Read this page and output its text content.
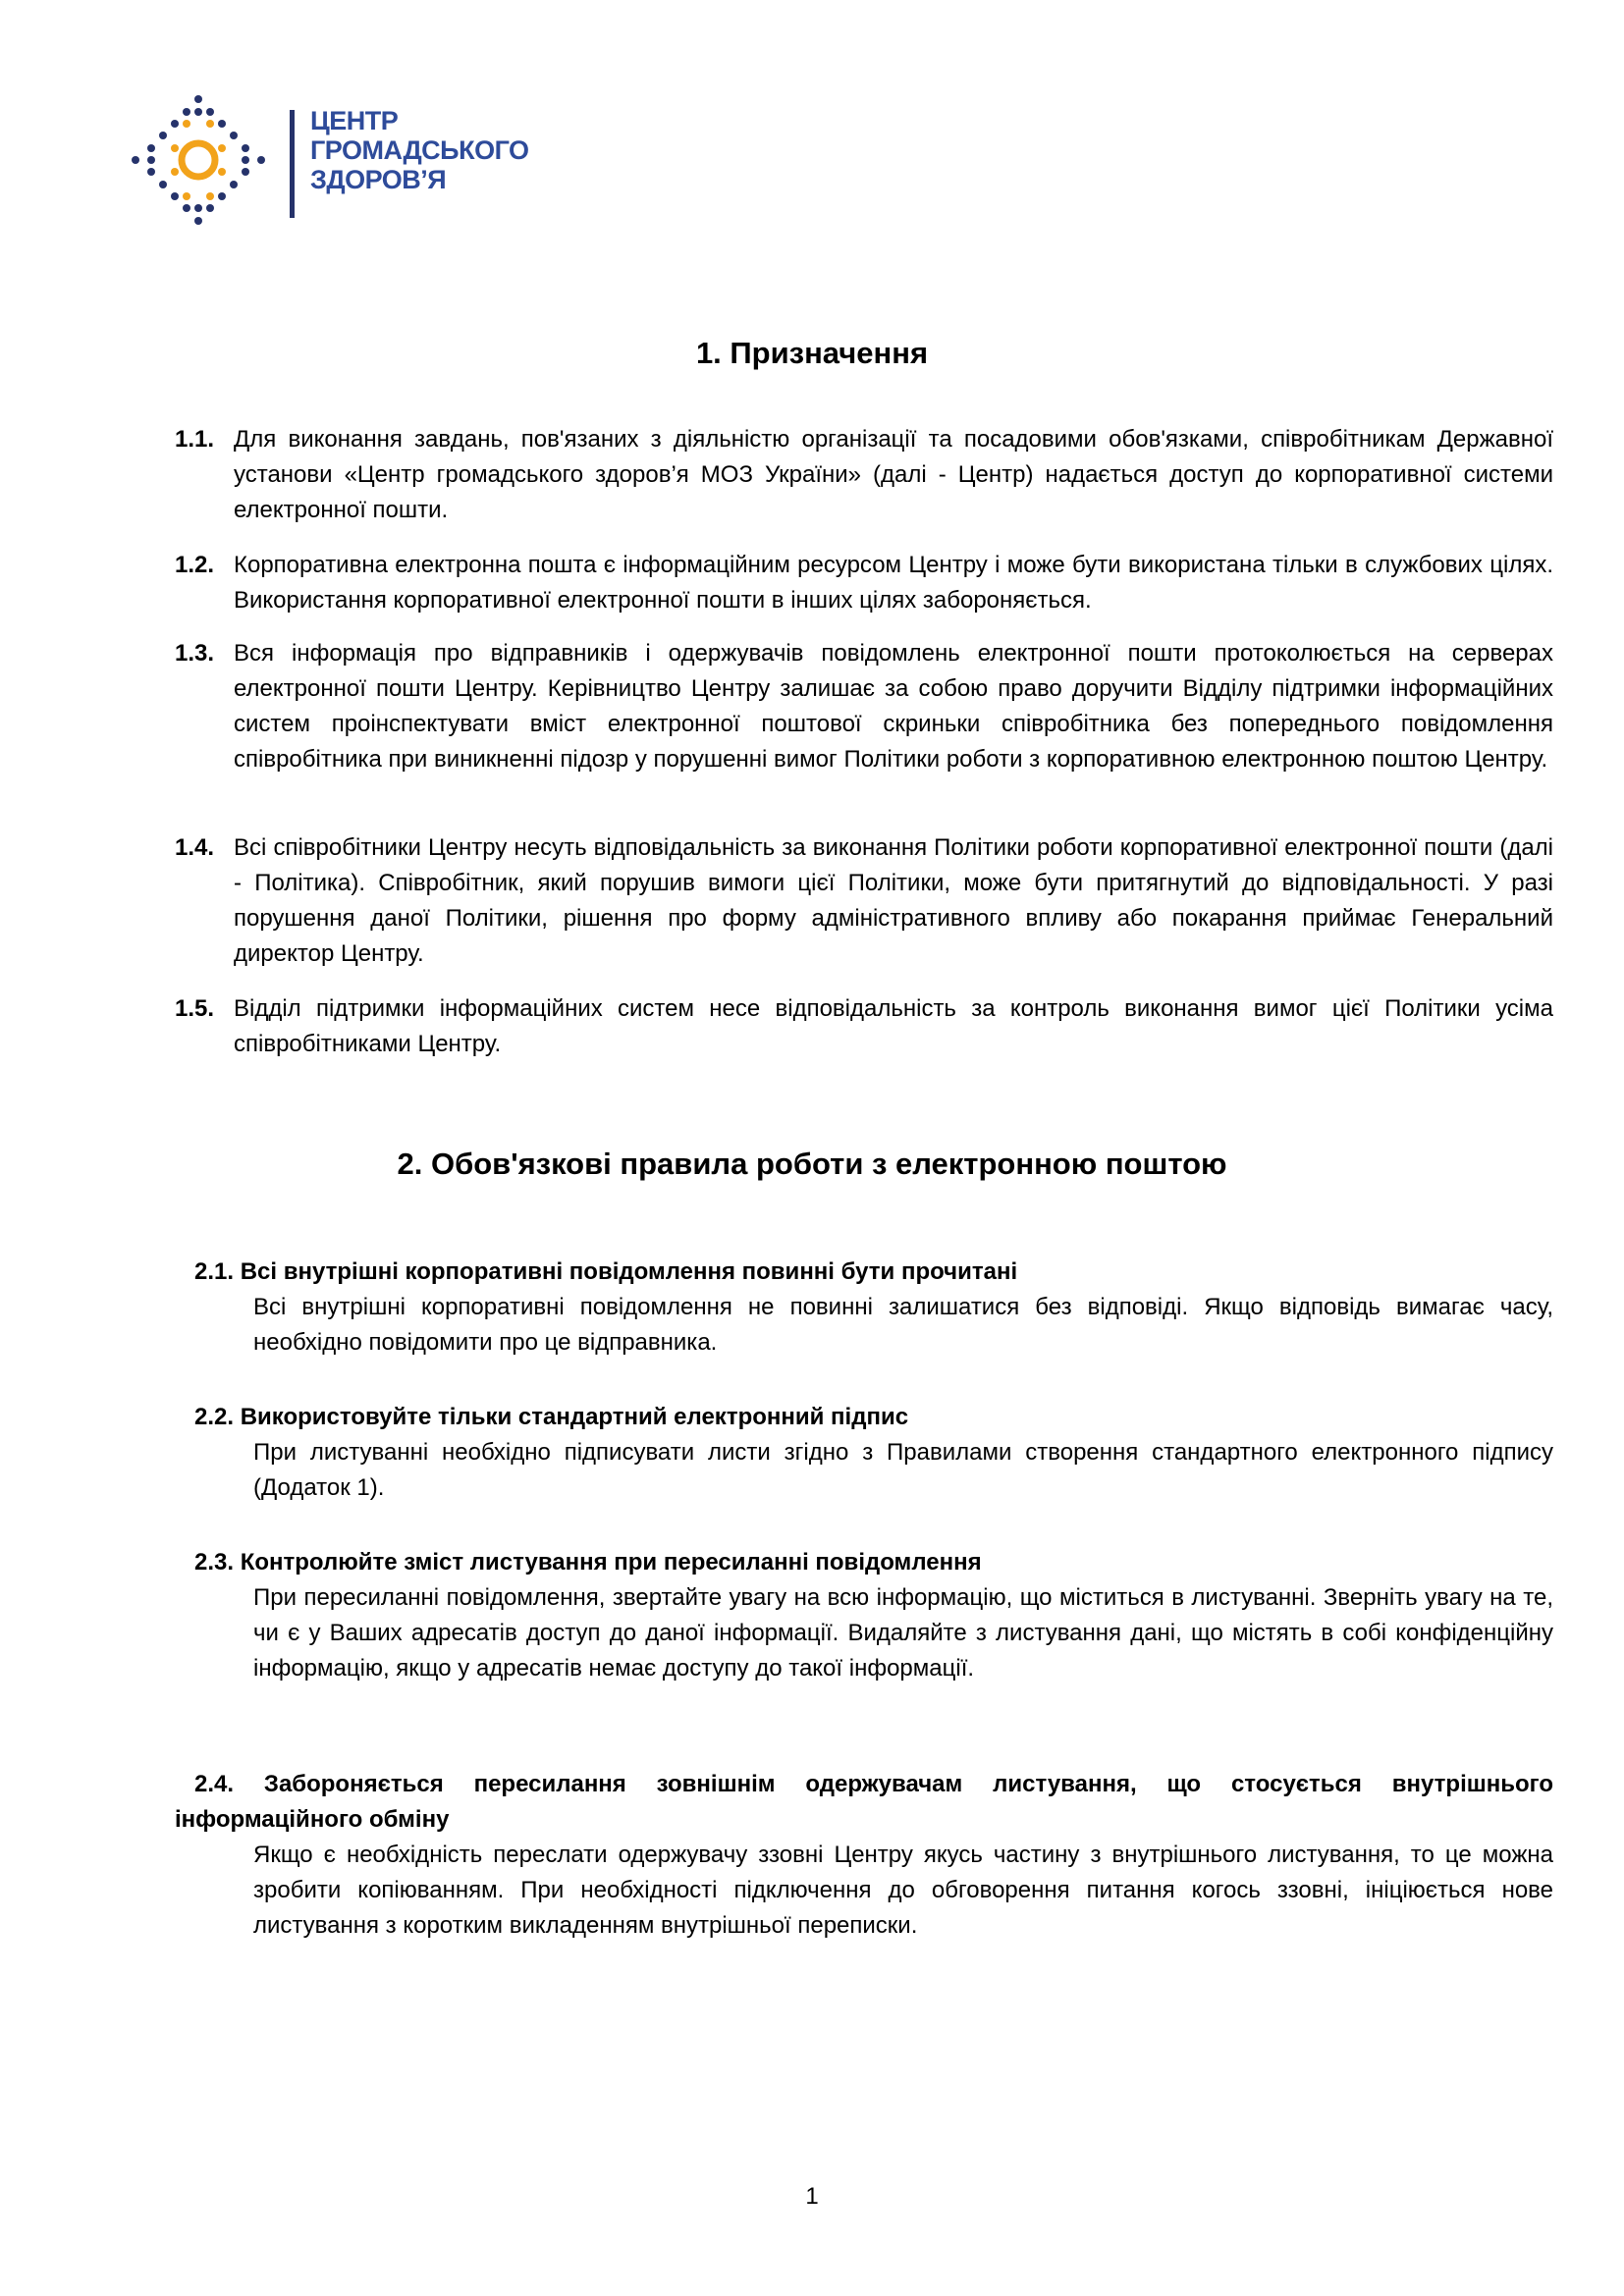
ЦЕНТР
ГРОМАДСЬКОГО
ЗДОРОВ’Я
1. Призначення
1.1. Для виконання завдань, пов'язаних з діяльністю організації та посадовими обов'язками, співробітникам Державної установи «Центр громадського здоров’я МОЗ України» (далі - Центр) надається доступ до корпоративної системи електронної пошти.
1.2. Корпоративна електронна пошта є інформаційним ресурсом Центру і може бути використана тільки в службових цілях. Використання корпоративної електронної пошти в інших цілях забороняється.
1.3. Вся інформація про відправників і одержувачів повідомлень електронної пошти протоколюється на серверах електронної пошти Центру. Керівництво Центру залишає за собою право доручити Відділу підтримки інформаційних систем проінспектувати вміст електронної поштової скриньки співробітника без попереднього повідомлення співробітника при виникненні підозр у порушенні вимог Політики роботи з корпоративною електронною поштою Центру.
1.4. Всі співробітники Центру несуть відповідальність за виконання Політики роботи корпоративної електронної пошти (далі - Політика). Співробітник, який порушив вимоги цієї Політики, може бути притягнутий до відповідальності. У разі порушення даної Політики, рішення про форму адміністративного впливу або покарання приймає Генеральний директор Центру.
1.5. Відділ підтримки інформаційних систем несе відповідальність за контроль виконання вимог цієї Політики усіма співробітниками Центру.
2. Обов'язкові правила роботи з електронною поштою
2.1. Всі внутрішні корпоративні повідомлення повинні бути прочитані
Всі внутрішні корпоративні повідомлення не повинні залишатися без відповіді. Якщо відповідь вимагає часу, необхідно повідомити про це відправника.
2.2. Використовуйте тільки стандартний електронний підпис
При листуванні необхідно підписувати листи згідно з Правилами створення стандартного електронного підпису (Додаток 1).
2.3. Контролюйте зміст листування при пересиланні повідомлення
При пересиланні повідомлення, звертайте увагу на всю інформацію, що міститься в листуванні. Зверніть увагу на те, чи є у Ваших адресатів доступ до даної інформації. Видаляйте з листування дані, що містять в собі конфіденційну інформацію, якщо у адресатів немає доступу до такої інформації.
2.4. Забороняється пересилання зовнішнім одержувачам листування, що стосується внутрішнього інформаційного обміну
Якщо є необхідність переслати одержувачу ззовні Центру якусь частину з внутрішнього листування, то це можна зробити копіюванням. При необхідності підключення до обговорення питання когось ззовні, ініціюється нове листування з коротким викладенням внутрішньої переписки.
1
